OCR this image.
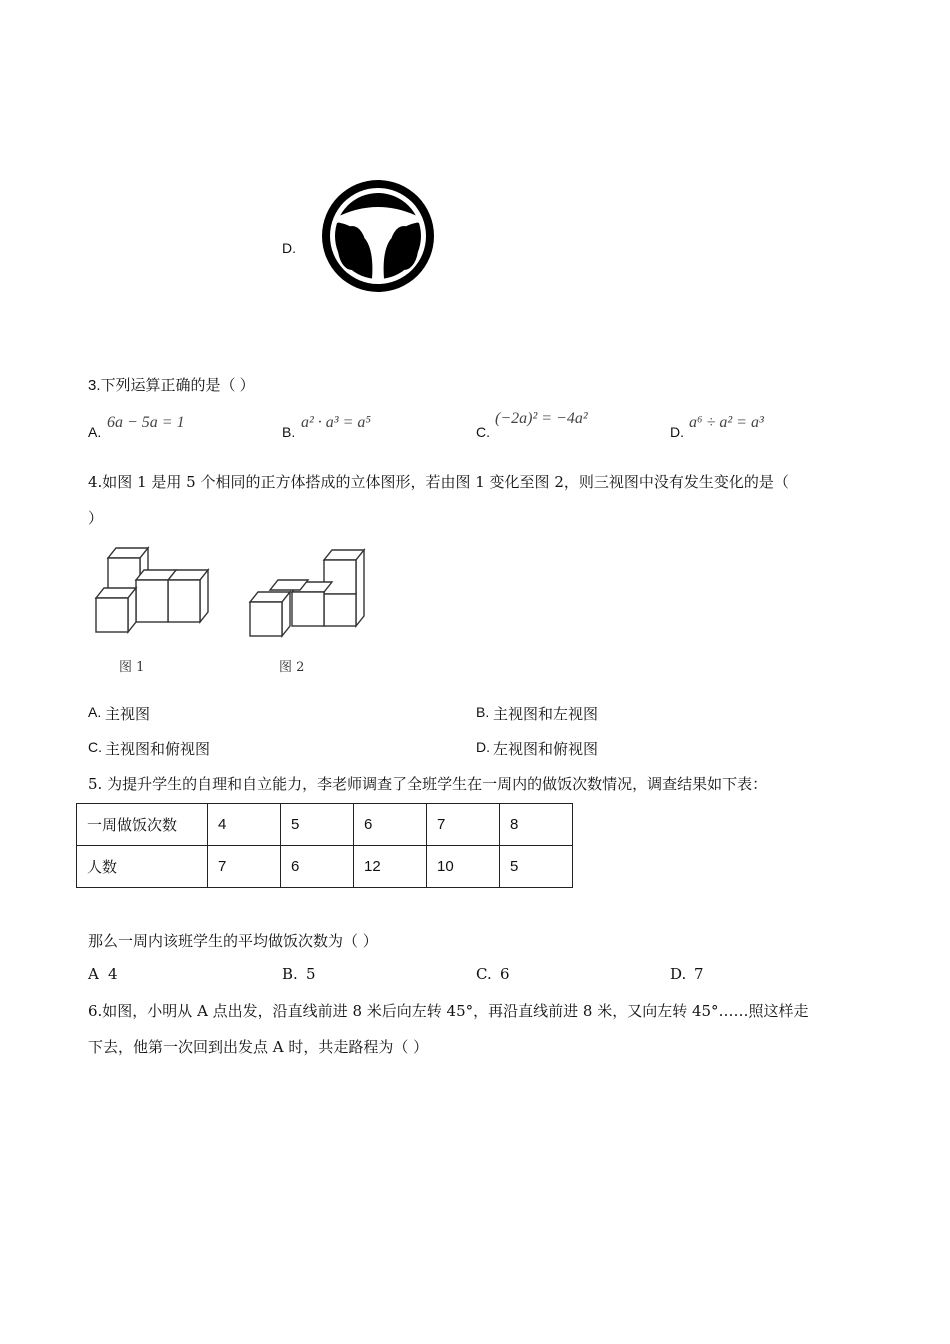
D.
3.下列运算正确的是（ ）
A.
6a − 5a = 1
B.
a² · a³ = a⁵
C.
(−2a)² = −4a²
D.
a⁶ ÷ a² = a³
4.如图 1 是用 5 个相同的正方体搭成的立体图形，若由图 1 变化至图 2，则三视图中没有发生变化的是（
）
图 1	图 2
A. 主视图	B. 主视图和左视图
C. 主视图和俯视图	D. 左视图和俯视图
5. 为提升学生的自理和自立能力，李老师调查了全班学生在一周内的做饭次数情况，调查结果如下表：
一周做饭次数	4	5	6	7	8
人数	7	6	12	10	5
那么一周内该班学生的平均做饭次数为（ ）
A 4	B. 5	C. 6	D. 7
6.如图，小明从 A 点出发，沿直线前进 8 米后向左转 45°，再沿直线前进 8 米，又向左转 45°……照这样走
下去，他第一次回到出发点 A 时，共走路程为（ ）
